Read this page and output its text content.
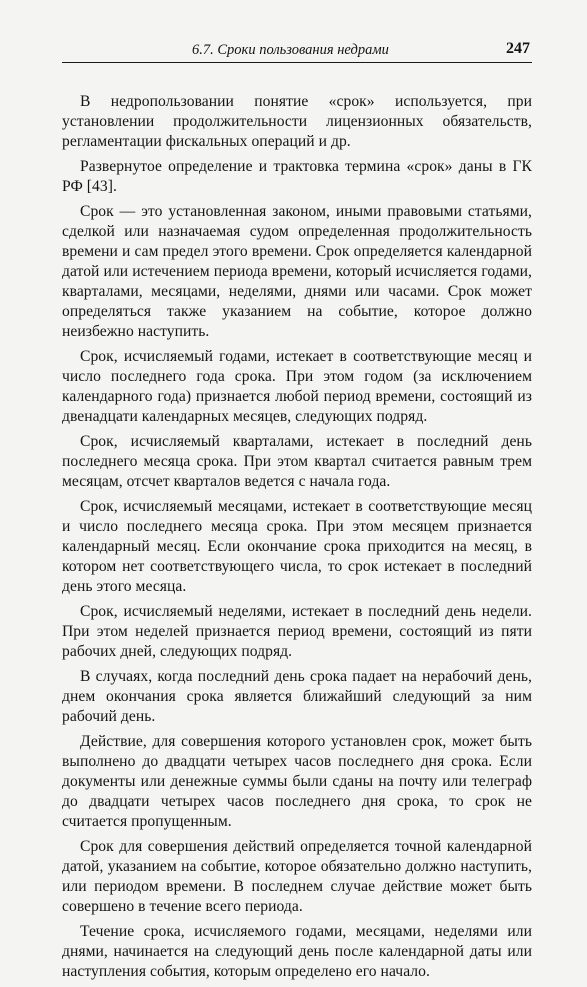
6.7. Сроки пользования недрами	247

В недропользовании понятие «срок» используется, при установлении продолжительности лицензионных обязательств, регламентации фискальных операций и др.

Развернутое определение и трактовка термина «срок» даны в ГК РФ [43].

Срок — это установленная законом, иными правовыми статьями, сделкой или назначаемая судом определенная продолжительность времени и сам предел этого времени. Срок определяется календарной датой или истечением периода времени, который исчисляется годами, кварталами, месяцами, неделями, днями или часами. Срок может определяться также указанием на событие, которое должно неизбежно наступить.

Срок, исчисляемый годами, истекает в соответствующие месяц и число последнего года срока. При этом годом (за исключением календарного года) признается любой период времени, состоящий из двенадцати календарных месяцев, следующих подряд.

Срок, исчисляемый кварталами, истекает в последний день последнего месяца срока. При этом квартал считается равным трем месяцам, отсчет кварталов ведется с начала года.

Срок, исчисляемый месяцами, истекает в соответствующие месяц и число последнего месяца срока. При этом месяцем признается календарный месяц. Если окончание срока приходится на месяц, в котором нет соответствующего числа, то срок истекает в последний день этого месяца.

Срок, исчисляемый неделями, истекает в последний день недели. При этом неделей признается период времени, состоящий из пяти рабочих дней, следующих подряд.

В случаях, когда последний день срока падает на нерабочий день, днем окончания срока является ближайший следующий за ним рабочий день.

Действие, для совершения которого установлен срок, может быть выполнено до двадцати четырех часов последнего дня срока. Если документы или денежные суммы были сданы на почту или телеграф до двадцати четырех часов последнего дня срока, то срок не считается пропущенным.

Срок для совершения действий определяется точной календарной датой, указанием на событие, которое обязательно должно наступить, или периодом времени. В последнем случае действие может быть совершено в течение всего периода.

Течение срока, исчисляемого годами, месяцами, неделями или днями, начинается на следующий день после календарной даты или наступления события, которым определено его начало.
